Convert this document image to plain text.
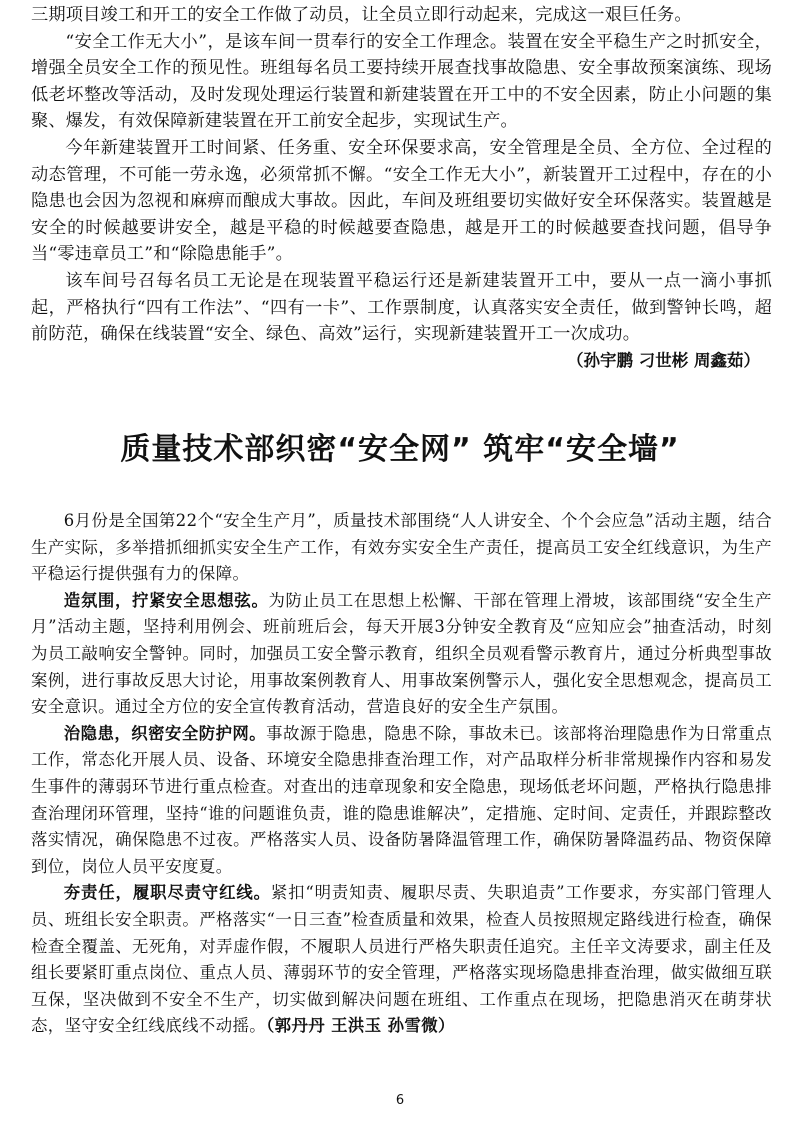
三期项目竣工和开工的安全工作做了动员，让全员立即行动起来，完成这一艰巨任务。

“安全工作无大小”，是该车间一贯奉行的安全工作理念。装置在安全平稳生产之时抓安全，增强全员安全工作的预见性。班组每名员工要持续开展查找事故隐患、安全事故预案演练、现场低老坏整改等活动，及时发现处理运行装置和新建装置在开工中的不安全因素，防止小问题的集聚、爆发，有效保障新建装置在开工前安全起步，实现试生产。

今年新建装置开工时间紧、任务重、安全环保要求高，安全管理是全员、全方位、全过程的动态管理，不可能一劳永逸，必须常抓不懈。“安全工作无大小”，新装置开工过程中，存在的小隐患也会因为忽视和麻痹而酿成大事故。因此，车间及班组要切实做好安全环保落实。装置越是安全的时候越要讲安全，越是平稳的时候越要查隐患，越是开工的时候越要查找问题，倡导争当“零违章员工”和“除隐患能手”。

该车间号召每名员工无论是在现装置平稳运行还是新建装置开工中，要从一点一滴小事抓起，严格执行“四有工作法”、“四有一卡”、工作票制度，认真落实安全责任，做到警钟长鸣，超前防范，确保在线装置“安全、绿色、高效”运行，实现新建装置开工一次成功。

（孙宇鹏 刁世彬 周鑫茹）

质量技术部织密“安全网” 筑牢“安全墙”

6月份是全国第22个“安全生产月”，质量技术部围绕“人人讲安全、个个会应急”活动主题，结合生产实际，多举措抓细抓实安全生产工作，有效夯实安全生产责任，提高员工安全红线意识，为生产平稳运行提供强有力的保障。

造氛围，拧紧安全思想弦。为防止员工在思想上松懈、干部在管理上滑坡，该部围绕“安全生产月”活动主题，坚持利用例会、班前班后会，每天开展3分钟安全教育及“应知应会”抽查活动，时刻为员工敲响安全警钟。同时，加强员工安全警示教育，组织全员观看警示教育片，通过分析典型事故案例，进行事故反思大讨论，用事故案例教育人、用事故案例警示人，强化安全思想观念，提高员工安全意识。通过全方位的安全宣传教育活动，营造良好的安全生产氛围。

治隐患，织密安全防护网。事故源于隐患，隐患不除，事故未已。该部将治理隐患作为日常重点工作，常态化开展人员、设备、环境安全隐患排查治理工作，对产品取样分析非常规操作内容和易发生事件的薄弱环节进行重点检查。对查出的违章现象和安全隐患，现场低老坏问题，严格执行隐患排查治理闭环管理，坚持“谁的问题谁负责，谁的隐患谁解决”，定措施、定时间、定责任，并跟踪整改落实情况，确保隐患不过夜。严格落实人员、设备防暑降温管理工作，确保防暑降温药品、物资保障到位，岗位人员平安度夏。

夯责任，履职尽责守红线。紧扣“明责知责、履职尽责、失职追责”工作要求，夯实部门管理人员、班组长安全职责。严格落实“一日三查”检查质量和效果，检查人员按照规定路线进行检查，确保检查全覆盖、无死角，对弄虚作假，不履职人员进行严格失职责任追究。主任辛文涛要求，副主任及组长要紧盯重点岗位、重点人员、薄弱环节的安全管理，严格落实现场隐患排查治理，做实做细互联互保，坚决做到不安全不生产，切实做到解决问题在班组、工作重点在现场，把隐患消灭在萌芽状态，坚守安全红线底线不动摇。（郭丹丹 王洪玉 孙雪微）

6
